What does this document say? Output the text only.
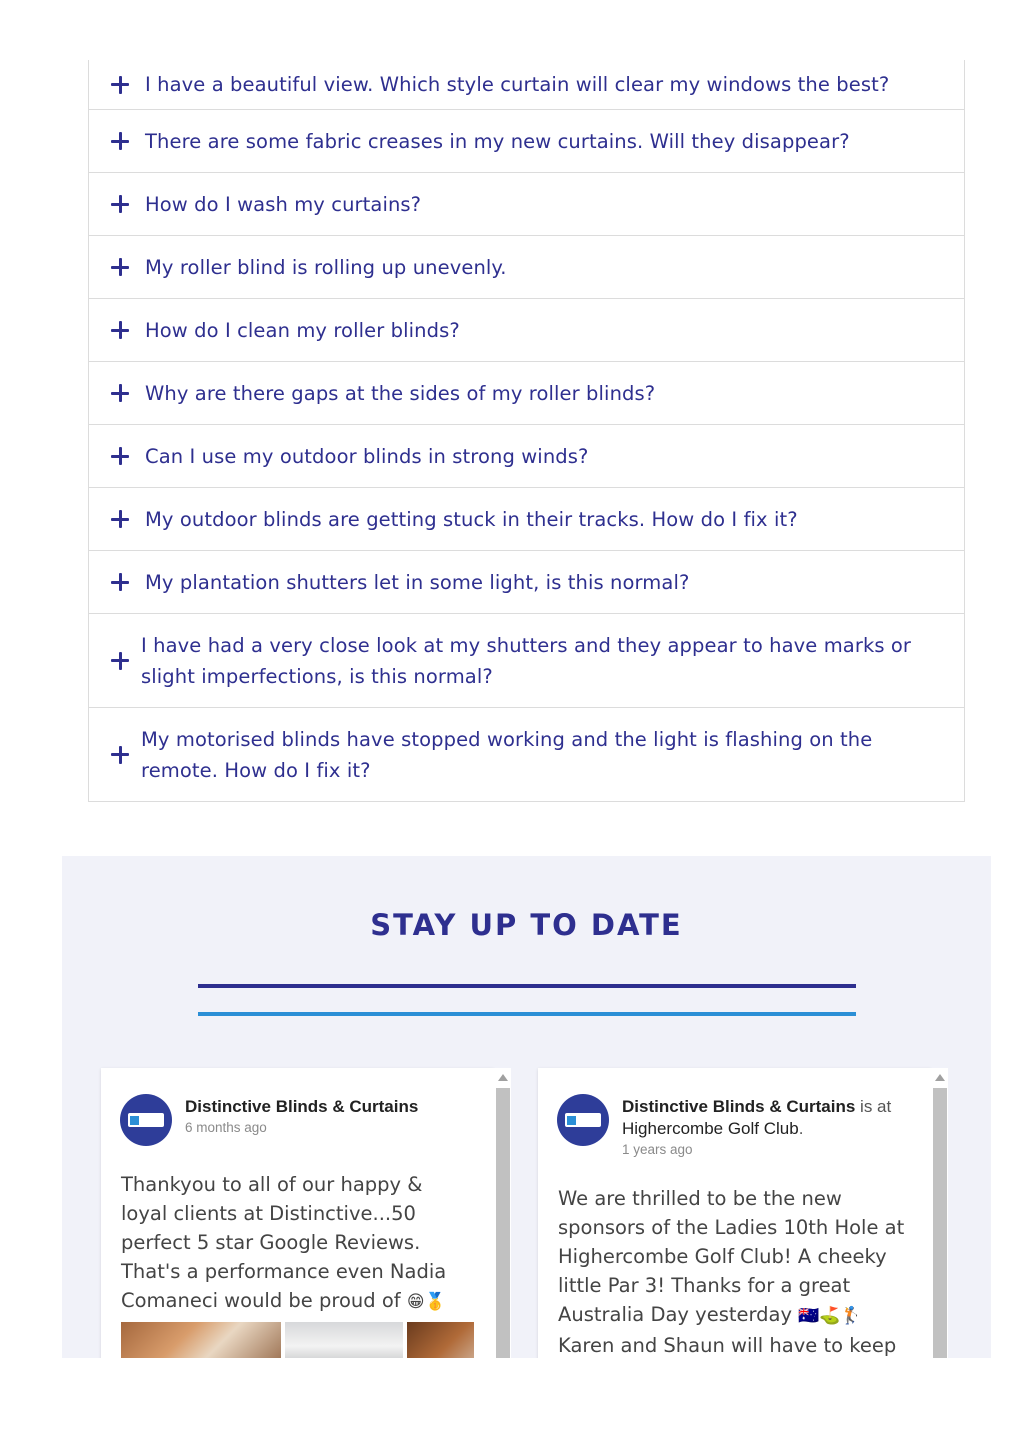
I have a beautiful view. Which style curtain will clear my windows the best?
There are some fabric creases in my new curtains. Will they disappear?
How do I wash my curtains?
My roller blind is rolling up unevenly.
How do I clean my roller blinds?
Why are there gaps at the sides of my roller blinds?
Can I use my outdoor blinds in strong winds?
My outdoor blinds are getting stuck in their tracks. How do I fix it?
My plantation shutters let in some light, is this normal?
I have had a very close look at my shutters and they appear to have marks or slight imperfections, is this normal?
My motorised blinds have stopped working and the light is flashing on the remote. How do I fix it?
STAY UP TO DATE
Distinctive Blinds & Curtains
6 months ago
Thankyou to all of our happy & loyal clients at Distinctive...50 perfect 5 star Google Reviews. That's a performance even Nadia Comaneci would be proud of 😁🥇
Distinctive Blinds & Curtains is at Highercombe Golf Club.
1 years ago
We are thrilled to be the new sponsors of the Ladies 10th Hole at Highercombe Golf Club! A cheeky little Par 3! Thanks for a great Australia Day yesterday 🇦🇺⛳🏌 Karen and Shaun will have to keep
